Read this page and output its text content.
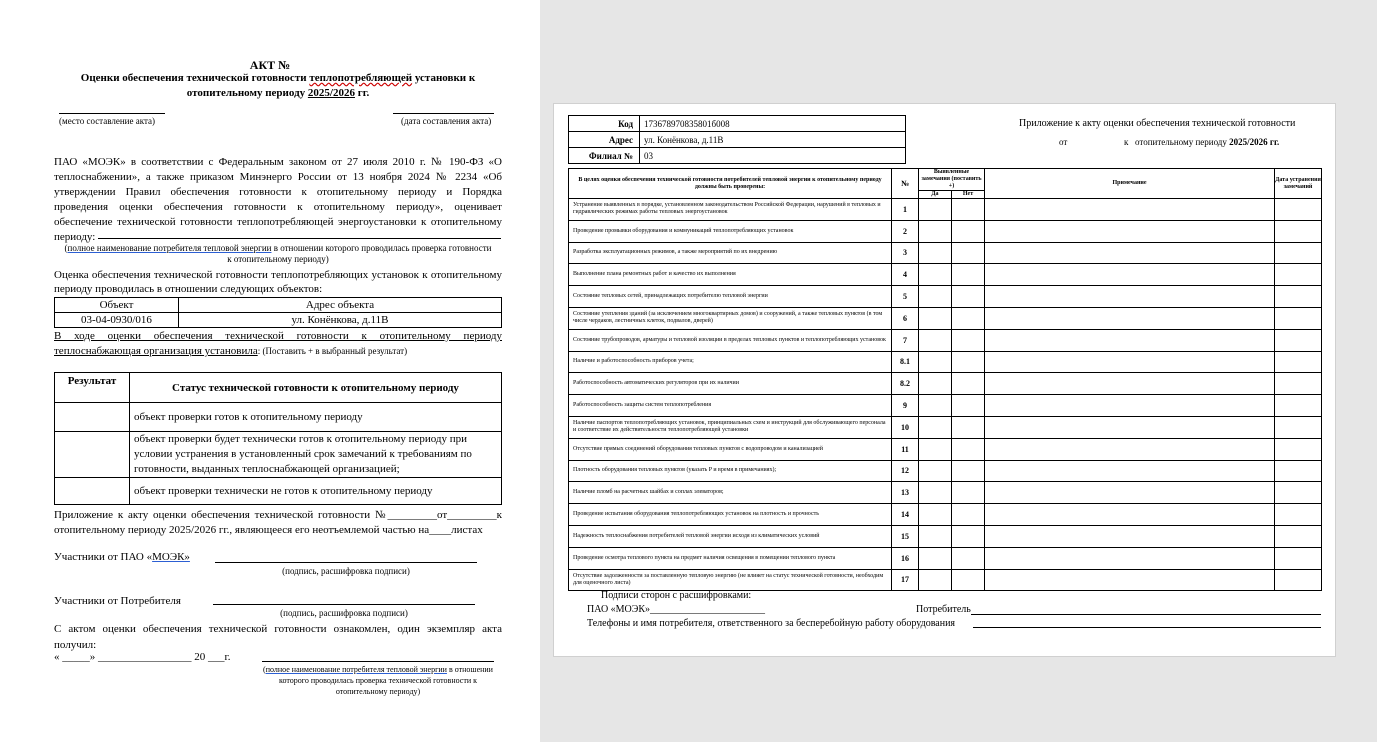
АКТ №
Оценки обеспечения технической готовности теплопотребляющей установки к
отопительному периоду 2025/2026 гг.
(место составление акта)	(дата составления акта)
ПАО «МОЭК» в соответствии с Федеральным законом от 27 июля 2010 г. № 190-ФЗ «О
теплоснабжении», а также приказом Минэнерго России от 13 ноября 2024 № 2234 «Об
утверждении Правил обеспечения готовности к отопительному периоду и Порядка
проведения оценки обеспечения готовности к отопительному периоду», оценивает
обеспечение технической готовности теплопотребляющей энергоустановки к отопительному
периоду:
(полное наименование потребителя тепловой энергии в отношении которого проводилась проверка готовности
к отопительному периоду)
Оценка обеспечения технической готовности теплопотребляющих установок к отопительному
периоду проводилась в отношении следующих объектов:
Объект	Адрес объекта
03-04-0930/016	ул. Конёнкова, д.11В
В ходе оценки обеспечения технической готовности к отопительному периоду
теплоснабжающая организация установила: (Поставить + в выбранный результат)
Результат	Статус технической готовности к отопительному периоду
	объект проверки готов к отопительному периоду

	объект проверки будет технически готов к отопительному периоду при
условии устранения в установленный срок замечаний к требованиям по
готовности, выданных теплоснабжающей организацией;

	объект проверки технически не готов к отопительному периоду
Приложение к акту оценки обеспечения технической готовности №_________от_________к
отопительному периоду 2025/2026 гг., являющееся его неотъемлемой частью на____листах
Участники от ПАО «МОЭК»
(подпись, расшифровка подписи)
Участники от Потребителя
(подпись, расшифровка подписи)
С актом оценки обеспечения технической готовности ознакомлен, один экземпляр акта
получил:
« _____» _________________ 20 ___г.
(полное наименование потребителя тепловой энергии в отношении
которого проводилась проверка технической готовности к
отопительному периоду)
Код	173678970835801б008
Адрес	ул. Конёнкова, д.11В
Филиал №	03
Приложение к акту оценки обеспечения технической готовности
от	к отопительному периоду 2025/2026 гг.
В целях оценки обеспечения технической готовности потребителей тепловой энергии к отопительному периоду должны быть проверены:	№	Выявленные замечания (поставить +)		Примечание	Дата устранения замечаний
		Да	Нет		
Устранение выявленных в порядке, установленном законодательством Российской Федерации, нарушений в тепловых и гидравлических режимах работы тепловых энергоустановок	1				
Проведение промывки оборудования и коммуникаций теплопотребляющих установок	2				
Разработка эксплуатационных режимов, а также мероприятий по их внедрению	3				
Выполнение плана ремонтных работ и качество их выполнения	4				
Состояние тепловых сетей, принадлежащих потребителю тепловой энергии	5				
Состояние утепления зданий (за исключением многоквартирных домов) и сооружений, а также тепловых пунктов (в том числе чердаков, лестничных клеток, подвалов, дверей)	6				
Состояние трубопроводов, арматуры и тепловой изоляции в пределах тепловых пунктов и теплопотребляющих установок	7				
Наличие и работоспособность приборов учета;	8.1				
Работоспособность автоматических регуляторов при их наличии	8.2				
Работоспособность защиты систем теплопотребления	9				
Наличие паспортов теплопотребляющих установок, принципиальных схем и инструкций для обслуживающего персонала и соответствие их действительности теплопотребляющей установки	10				
Отсутствие прямых соединений оборудования тепловых пунктов с водопроводом и канализацией	11				
Плотность оборудования тепловых пунктов (указать P и время в примечаниях);	12				
Наличие пломб на расчетных шайбах и соплах элеваторов;	13				
Проведение испытания оборудования теплопотребляющих установок на плотность и прочность	14				
Надежность теплоснабжения потребителей тепловой энергии исходя из климатических условий	15				
Проведение осмотра теплового пункта на предмет наличия освещения в помещении теплового пункта	16				
Отсутствие задолженности за поставленную тепловую энергию (не влияет на статус технической готовности, необходим для оценочного листа)	17				
Подписи сторон с расшифровками:
ПАО «МОЭК»_______________________	Потребитель
Телефоны и имя потребителя, ответственного за бесперебойную работу оборудования
